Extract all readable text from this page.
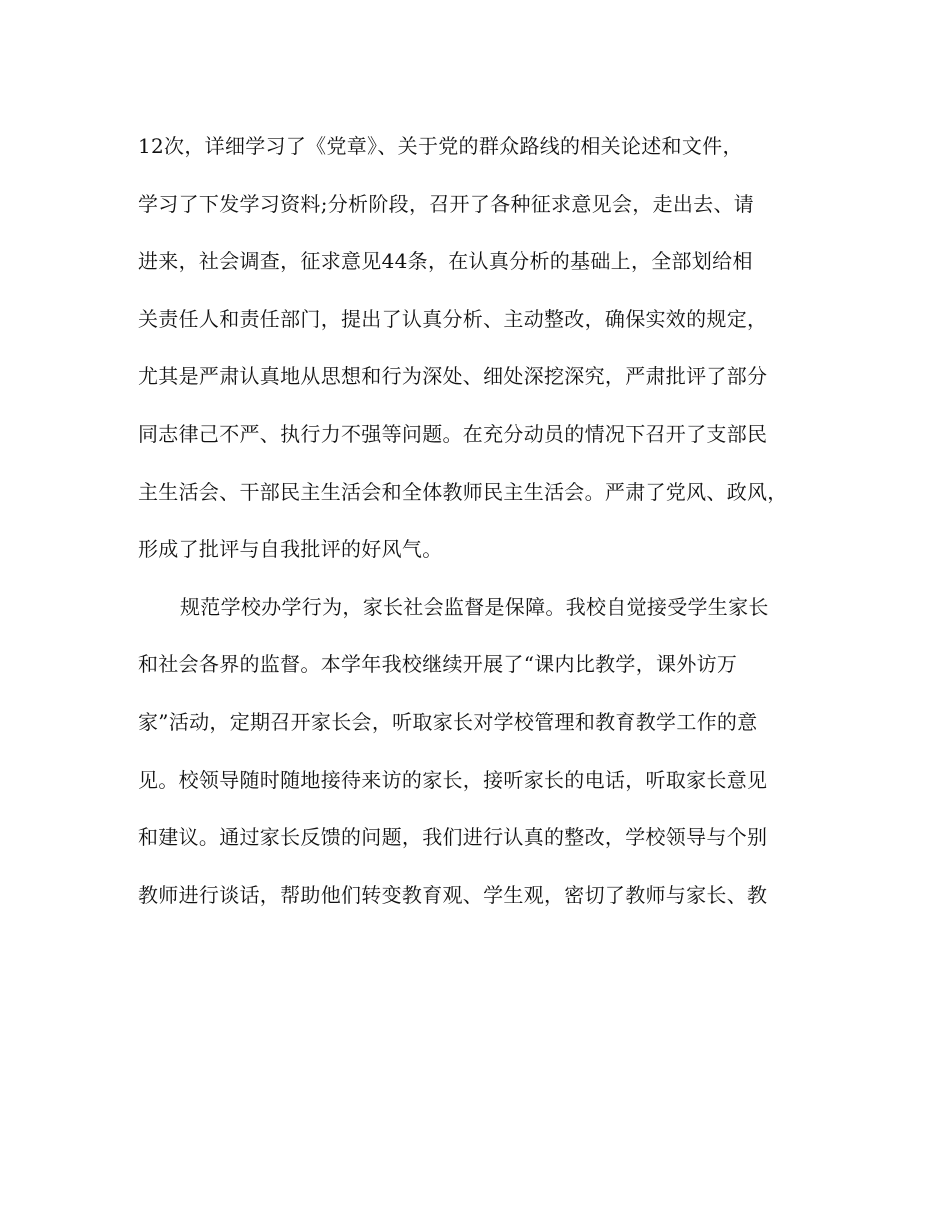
12次，详细学习了《党章》、关于党的群众路线的相关论述和文件，
学习了下发学习资料;分析阶段，召开了各种征求意见会，走出去、请
进来，社会调查，征求意见44条，在认真分析的基础上，全部划给相
关责任人和责任部门，提出了认真分析、主动整改，确保实效的规定，
尤其是严肃认真地从思想和行为深处、细处深挖深究，严肃批评了部分
同志律己不严、执行力不强等问题。在充分动员的情况下召开了支部民
主生活会、干部民主生活会和全体教师民主生活会。严肃了党风、政风，
形成了批评与自我批评的好风气。
规范学校办学行为，家长社会监督是保障。我校自觉接受学生家长
和社会各界的监督。本学年我校继续开展了“课内比教学，课外访万
家”活动，定期召开家长会，听取家长对学校管理和教育教学工作的意
见。校领导随时随地接待来访的家长，接听家长的电话，听取家长意见
和建议。通过家长反馈的问题，我们进行认真的整改，学校领导与个别
教师进行谈话，帮助他们转变教育观、学生观，密切了教师与家长、教
